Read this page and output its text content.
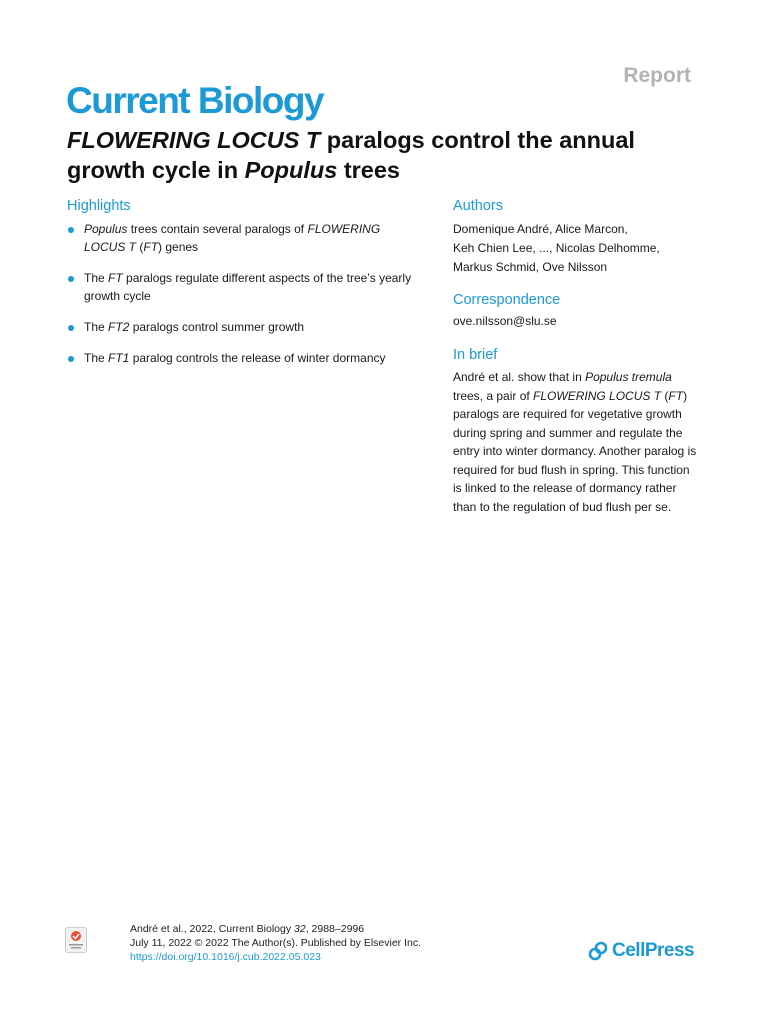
Report
Current Biology
FLOWERING LOCUS T paralogs control the annual
growth cycle in Populus trees
Highlights
Populus trees contain several paralogs of FLOWERING LOCUS T (FT) genes
The FT paralogs regulate different aspects of the tree’s yearly growth cycle
The FT2 paralogs control summer growth
The FT1 paralog controls the release of winter dormancy
Authors
Domenique André, Alice Marcon,
Keh Chien Lee, ..., Nicolas Delhomme,
Markus Schmid, Ove Nilsson
Correspondence
ove.nilsson@slu.se
In brief
André et al. show that in Populus tremula trees, a pair of FLOWERING LOCUS T (FT) paralogs are required for vegetative growth during spring and summer and regulate the entry into winter dormancy. Another paralog is required for bud flush in spring. This function is linked to the release of dormancy rather than to the regulation of bud flush per se.
André et al., 2022, Current Biology 32, 2988–2996
July 11, 2022 © 2022 The Author(s). Published by Elsevier Inc.
https://doi.org/10.1016/j.cub.2022.05.023	CellPress
